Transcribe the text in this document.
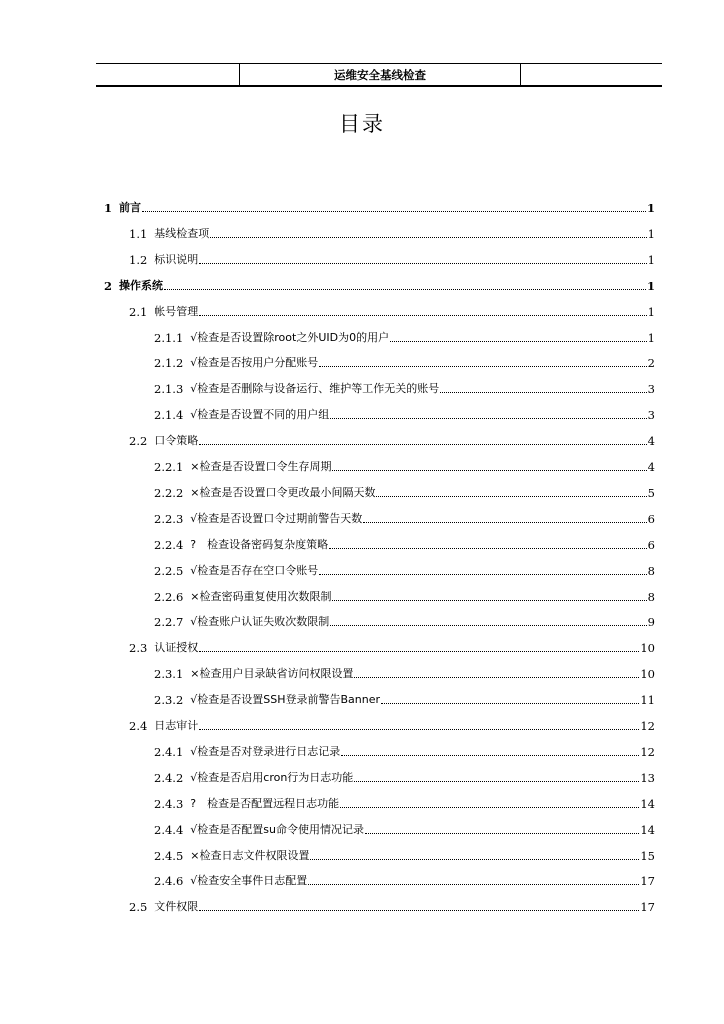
运维安全基线检查
目录
1 前言	1
1.1 基线检查项	1
1.2 标识说明	1
2 操作系统	1
2.1 帐号管理	1
2.1.1 √检查是否设置除root之外UID为0的用户	1
2.1.2 √检查是否按用户分配账号	2
2.1.3 √检查是否删除与设备运行、维护等工作无关的账号	3
2.1.4 √检查是否设置不同的用户组	3
2.2 口令策略	4
2.2.1 ×检查是否设置口令生存周期	4
2.2.2 ×检查是否设置口令更改最小间隔天数	5
2.2.3 √检查是否设置口令过期前警告天数	6
2.2.4 ?　检查设备密码复杂度策略	6
2.2.5 √检查是否存在空口令账号	8
2.2.6 ×检查密码重复使用次数限制	8
2.2.7 √检查账户认证失败次数限制	9
2.3 认证授权	10
2.3.1 ×检查用户目录缺省访问权限设置	10
2.3.2 √检查是否设置SSH登录前警告Banner	11
2.4 日志审计	12
2.4.1 √检查是否对登录进行日志记录	12
2.4.2 √检查是否启用cron行为日志功能	13
2.4.3 ?　检查是否配置远程日志功能	14
2.4.4 √检查是否配置su命令使用情况记录	14
2.4.5 ×检查日志文件权限设置	15
2.4.6 √检查安全事件日志配置	17
2.5 文件权限	17
